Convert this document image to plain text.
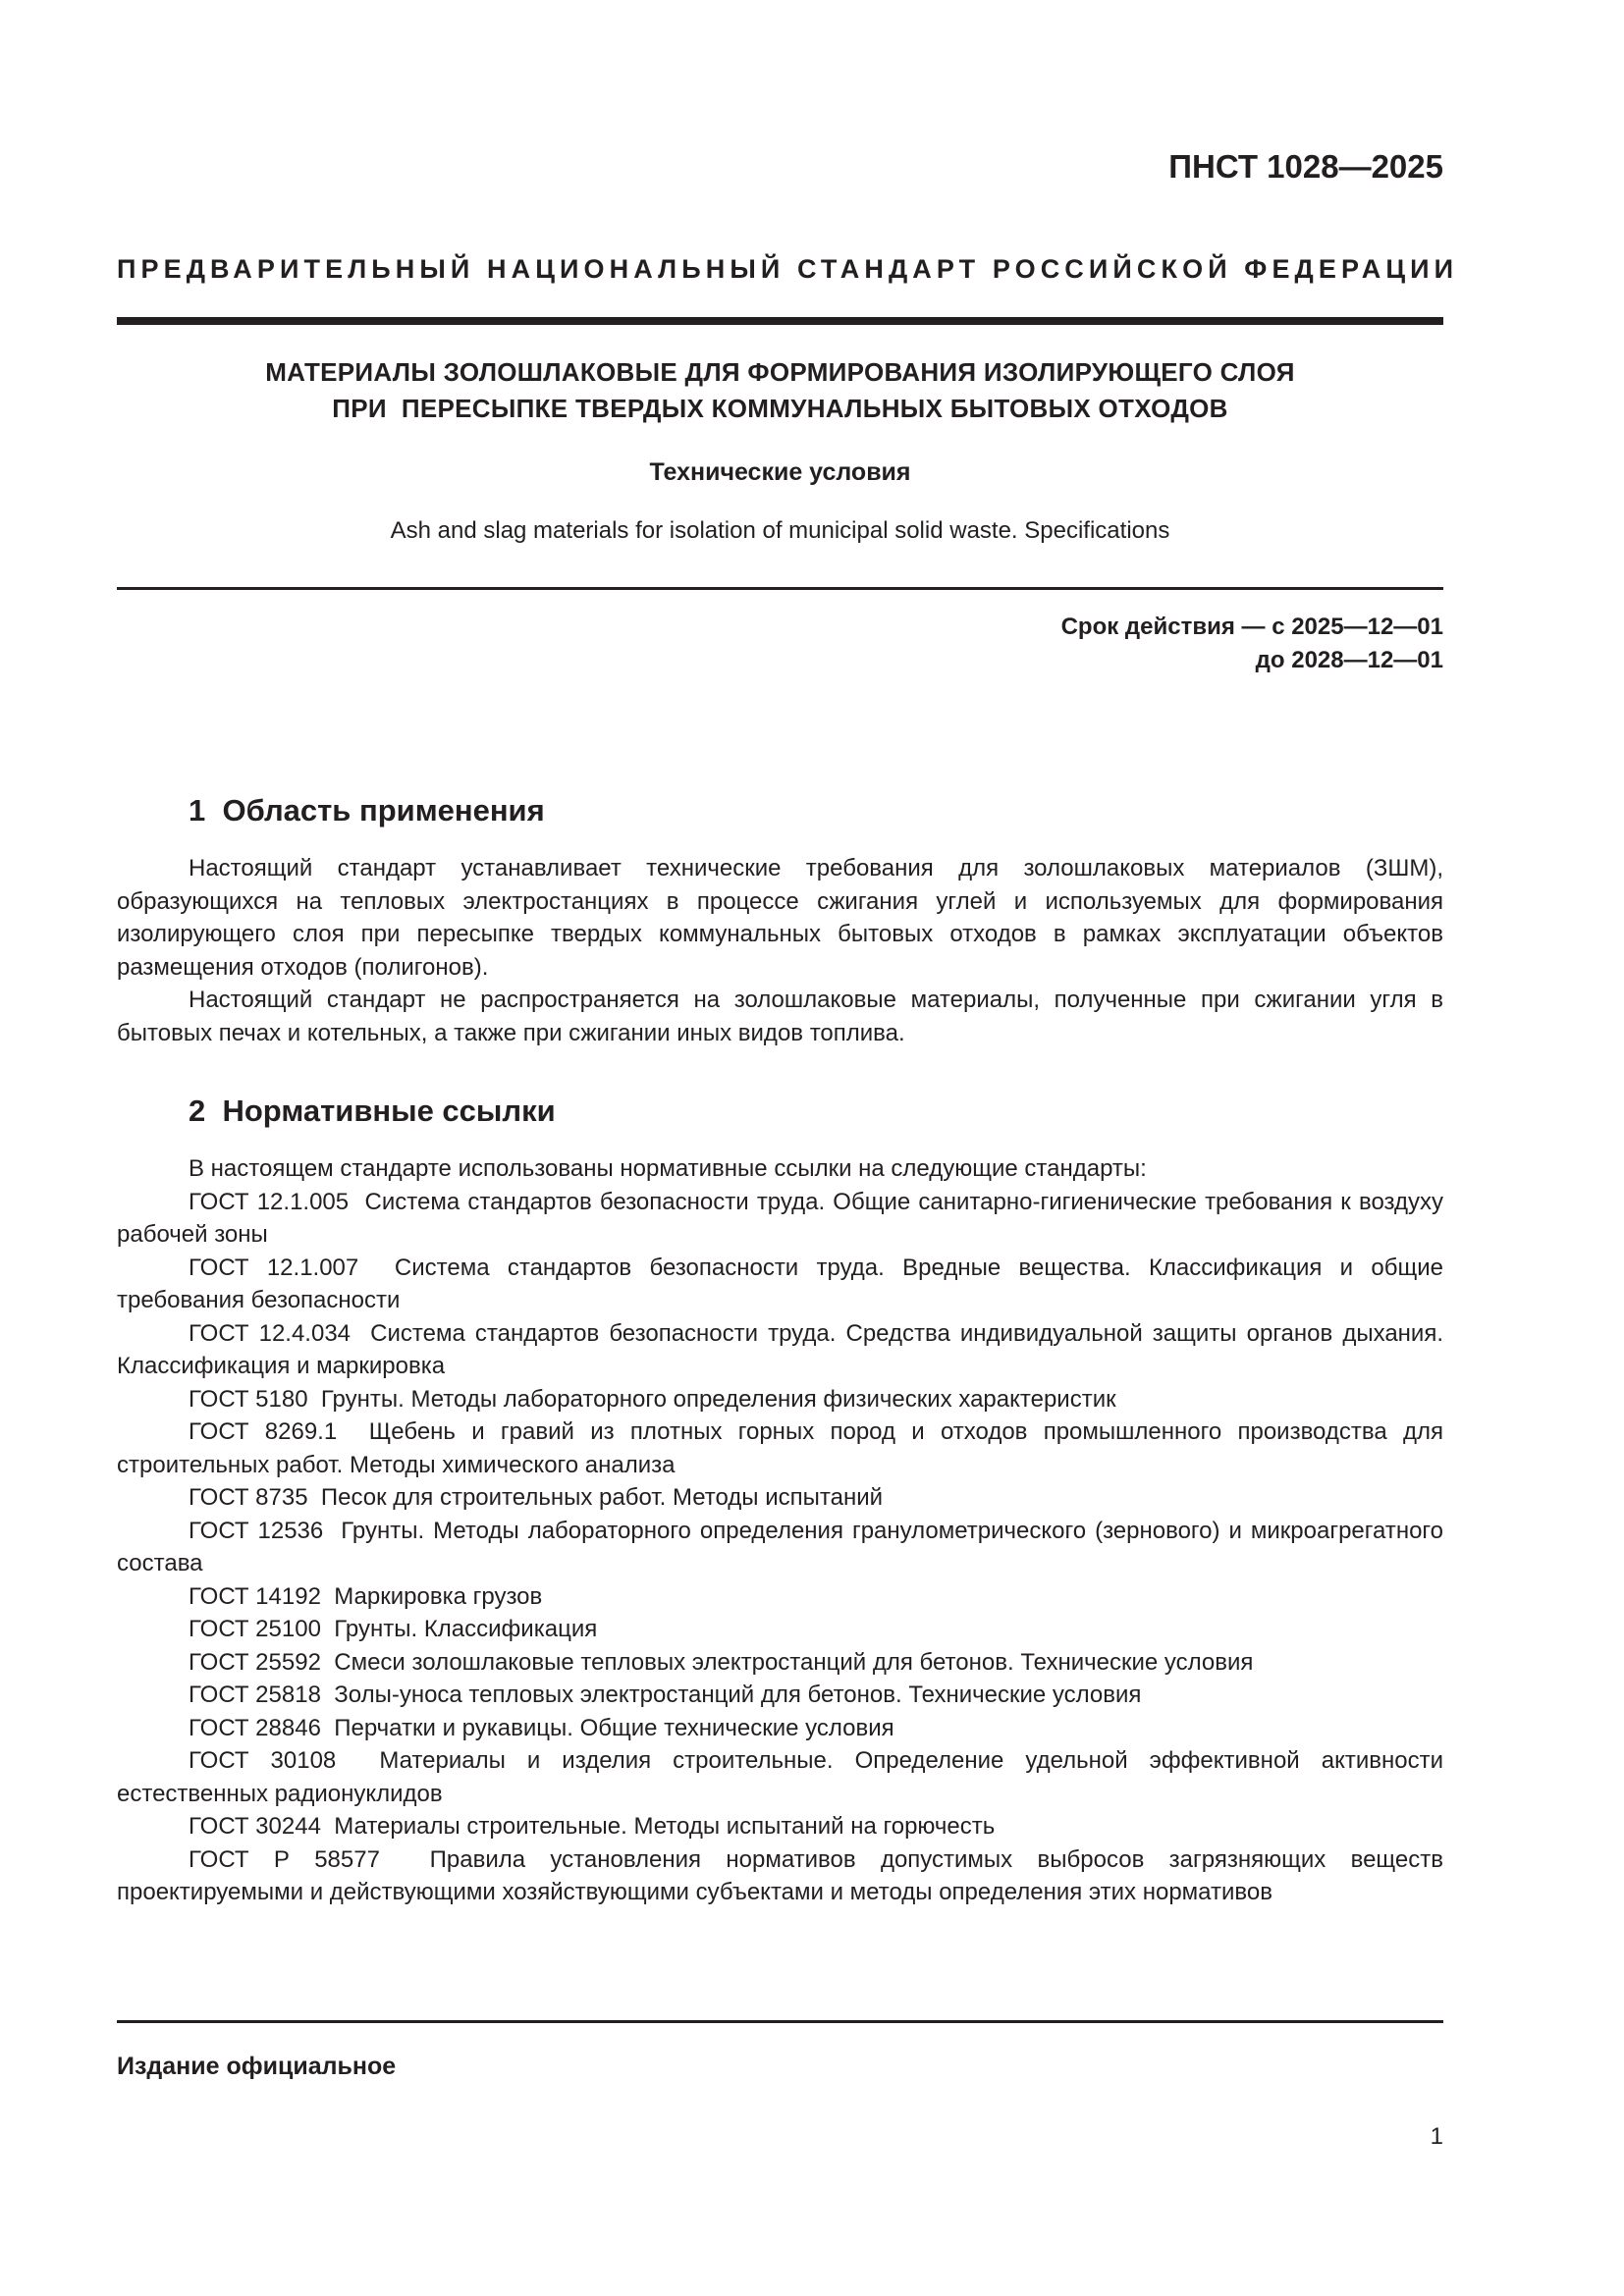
ПНСТ 1028—2025
ПРЕДВАРИТЕЛЬНЫЙ НАЦИОНАЛЬНЫЙ СТАНДАРТ РОССИЙСКОЙ ФЕДЕРАЦИИ
МАТЕРИАЛЫ ЗОЛОШЛАКОВЫЕ ДЛЯ ФОРМИРОВАНИЯ ИЗОЛИРУЮЩЕГО СЛОЯ
ПРИ  ПЕРЕСЫПКЕ ТВЕРДЫХ КОММУНАЛЬНЫХ БЫТОВЫХ ОТХОДОВ
Технические условия
Ash and slag materials for isolation of municipal solid waste. Specifications
Срок действия — с 2025—12—01
до 2028—12—01
1  Область применения

Настоящий стандарт устанавливает технические требования для золошлаковых материалов (ЗШМ), образующихся на тепловых электростанциях в процессе сжигания углей и используемых для формирования изолирующего слоя при пересыпке твердых коммунальных бытовых отходов в рамках эксплуатации объектов размещения отходов (полигонов).

Настоящий стандарт не распространяется на золошлаковые материалы, полученные при сжигании угля в бытовых печах и котельных, а также при сжигании иных видов топлива.

2  Нормативные ссылки

В настоящем стандарте использованы нормативные ссылки на следующие стандарты:

ГОСТ 12.1.005  Система стандартов безопасности труда. Общие санитарно-гигиенические требования к воздуху рабочей зоны

ГОСТ 12.1.007  Система стандартов безопасности труда. Вредные вещества. Классификация и общие требования безопасности

ГОСТ 12.4.034  Система стандартов безопасности труда. Средства индивидуальной защиты органов дыхания. Классификация и маркировка

ГОСТ 5180  Грунты. Методы лабораторного определения физических характеристик

ГОСТ 8269.1  Щебень и гравий из плотных горных пород и отходов промышленного производства для строительных работ. Методы химического анализа

ГОСТ 8735  Песок для строительных работ. Методы испытаний

ГОСТ 12536  Грунты. Методы лабораторного определения гранулометрического (зернового) и микроагрегатного состава

ГОСТ 14192  Маркировка грузов

ГОСТ 25100  Грунты. Классификация

ГОСТ 25592  Смеси золошлаковые тепловых электростанций для бетонов. Технические условия

ГОСТ 25818  Золы-уноса тепловых электростанций для бетонов. Технические условия

ГОСТ 28846  Перчатки и рукавицы. Общие технические условия

ГОСТ 30108  Материалы и изделия строительные. Определение удельной эффективной активности естественных радионуклидов

ГОСТ 30244  Материалы строительные. Методы испытаний на горючесть

ГОСТ Р 58577  Правила установления нормативов допустимых выбросов загрязняющих веществ проектируемыми и действующими хозяйствующими субъектами и методы определения этих нормативов

Издание официальное
1
